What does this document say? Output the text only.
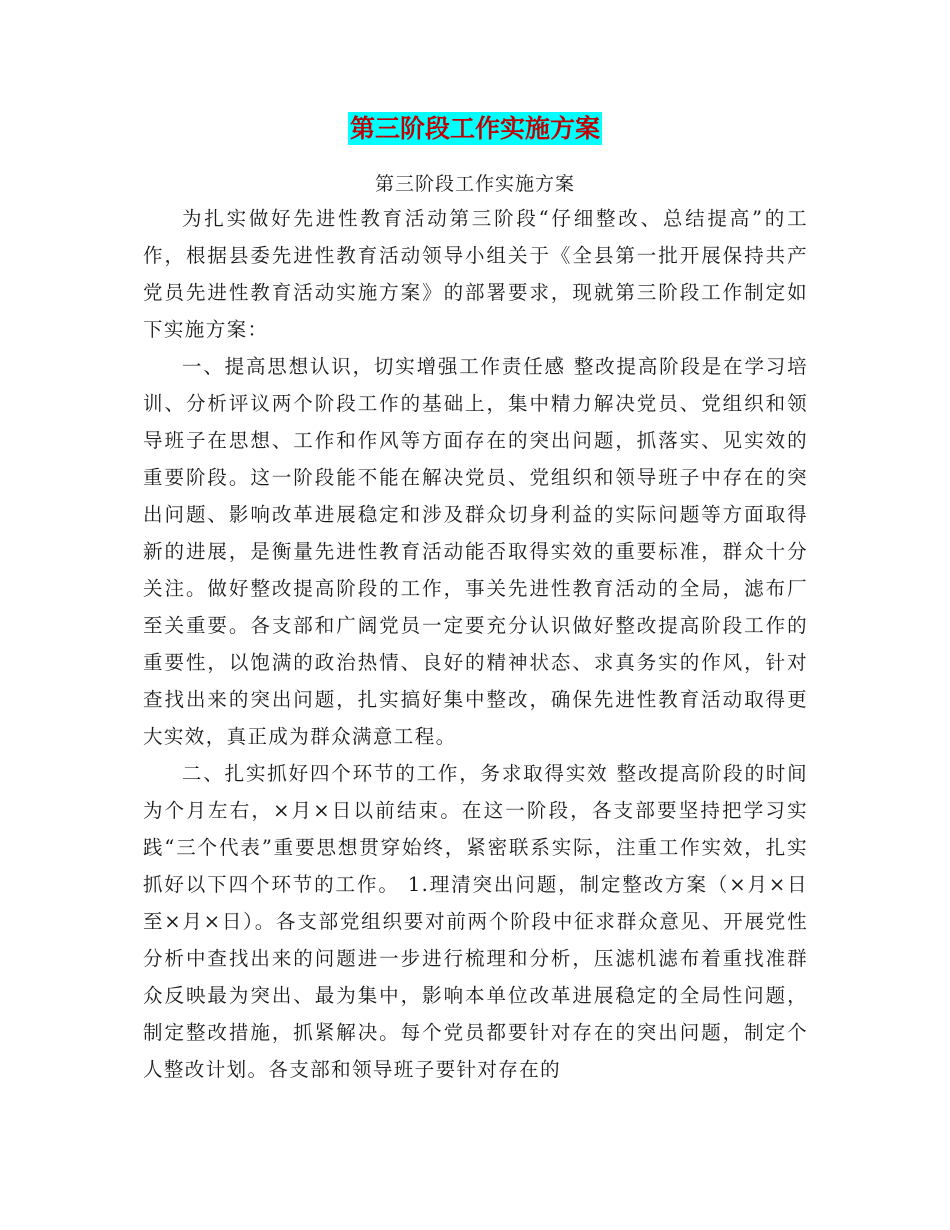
第三阶段工作实施方案
第三阶段工作实施方案

为扎实做好先进性教育活动第三阶段“仔细整改、总结提高”的工作，根据县委先进性教育活动领导小组关于《全县第一批开展保持共产党员先进性教育活动实施方案》的部署要求，现就第三阶段工作制定如下实施方案：

一、提高思想认识，切实增强工作责任感 整改提高阶段是在学习培训、分析评议两个阶段工作的基础上，集中精力解决党员、党组织和领导班子在思想、工作和作风等方面存在的突出问题，抓落实、见实效的重要阶段。这一阶段能不能在解决党员、党组织和领导班子中存在的突出问题、影响改革进展稳定和涉及群众切身利益的实际问题等方面取得新的进展，是衡量先进性教育活动能否取得实效的重要标准，群众十分关注。做好整改提高阶段的工作，事关先进性教育活动的全局，滤布厂至关重要。各支部和广阔党员一定要充分认识做好整改提高阶段工作的重要性，以饱满的政治热情、良好的精神状态、求真务实的作风，针对查找出来的突出问题，扎实搞好集中整改，确保先进性教育活动取得更大实效，真正成为群众满意工程。

二、扎实抓好四个环节的工作，务求取得实效 整改提高阶段的时间为个月左右，×月×日以前结束。在这一阶段，各支部要坚持把学习实践“三个代表”重要思想贯穿始终，紧密联系实际，注重工作实效，扎实抓好以下四个环节的工作。 1.理清突出问题，制定整改方案（×月×日至×月×日）。各支部党组织要对前两个阶段中征求群众意见、开展党性分析中查找出来的问题进一步进行梳理和分析，压滤机滤布着重找准群众反映最为突出、最为集中，影响本单位改革进展稳定的全局性问题，制定整改措施，抓紧解决。每个党员都要针对存在的突出问题，制定个人整改计划。各支部和领导班子要针对存在的
